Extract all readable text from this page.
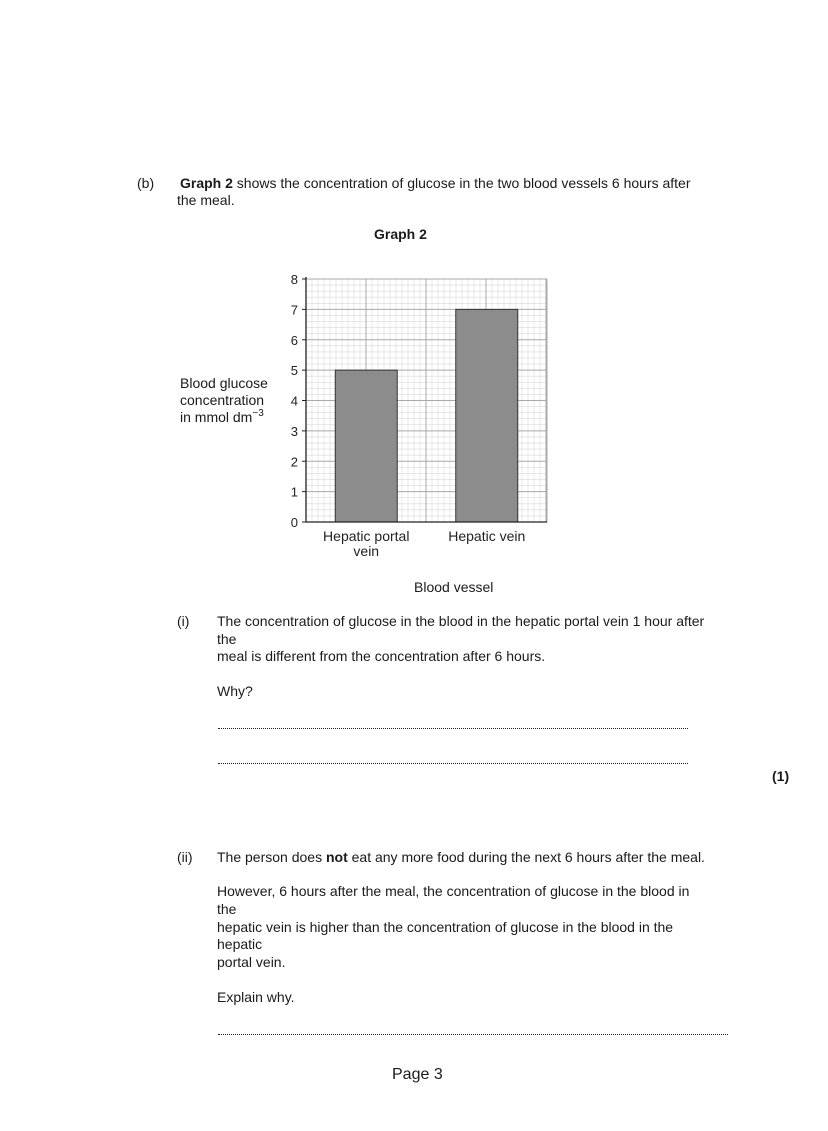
(b) Graph 2 shows the concentration of glucose in the two blood vessels 6 hours after
the meal.
Graph 2
Blood glucose
concentration
in mmol $dm^{-3}$
0
1
2
3
4
5
6
7
8
Hepatic portal
vein
Hepatic vein
Blood vessel
(i) The concentration of glucose in the blood in the hepatic portal vein 1 hour after
the
meal is different from the concentration after 6 hours.
Why?
(1)
(ii) The person does not eat any more food during the next 6 hours after the meal.
However, 6 hours after the meal, the concentration of glucose in the blood in
the
hepatic vein is higher than the concentration of glucose in the blood in the
hepatic
portal vein.
Explain why.
Page 3
